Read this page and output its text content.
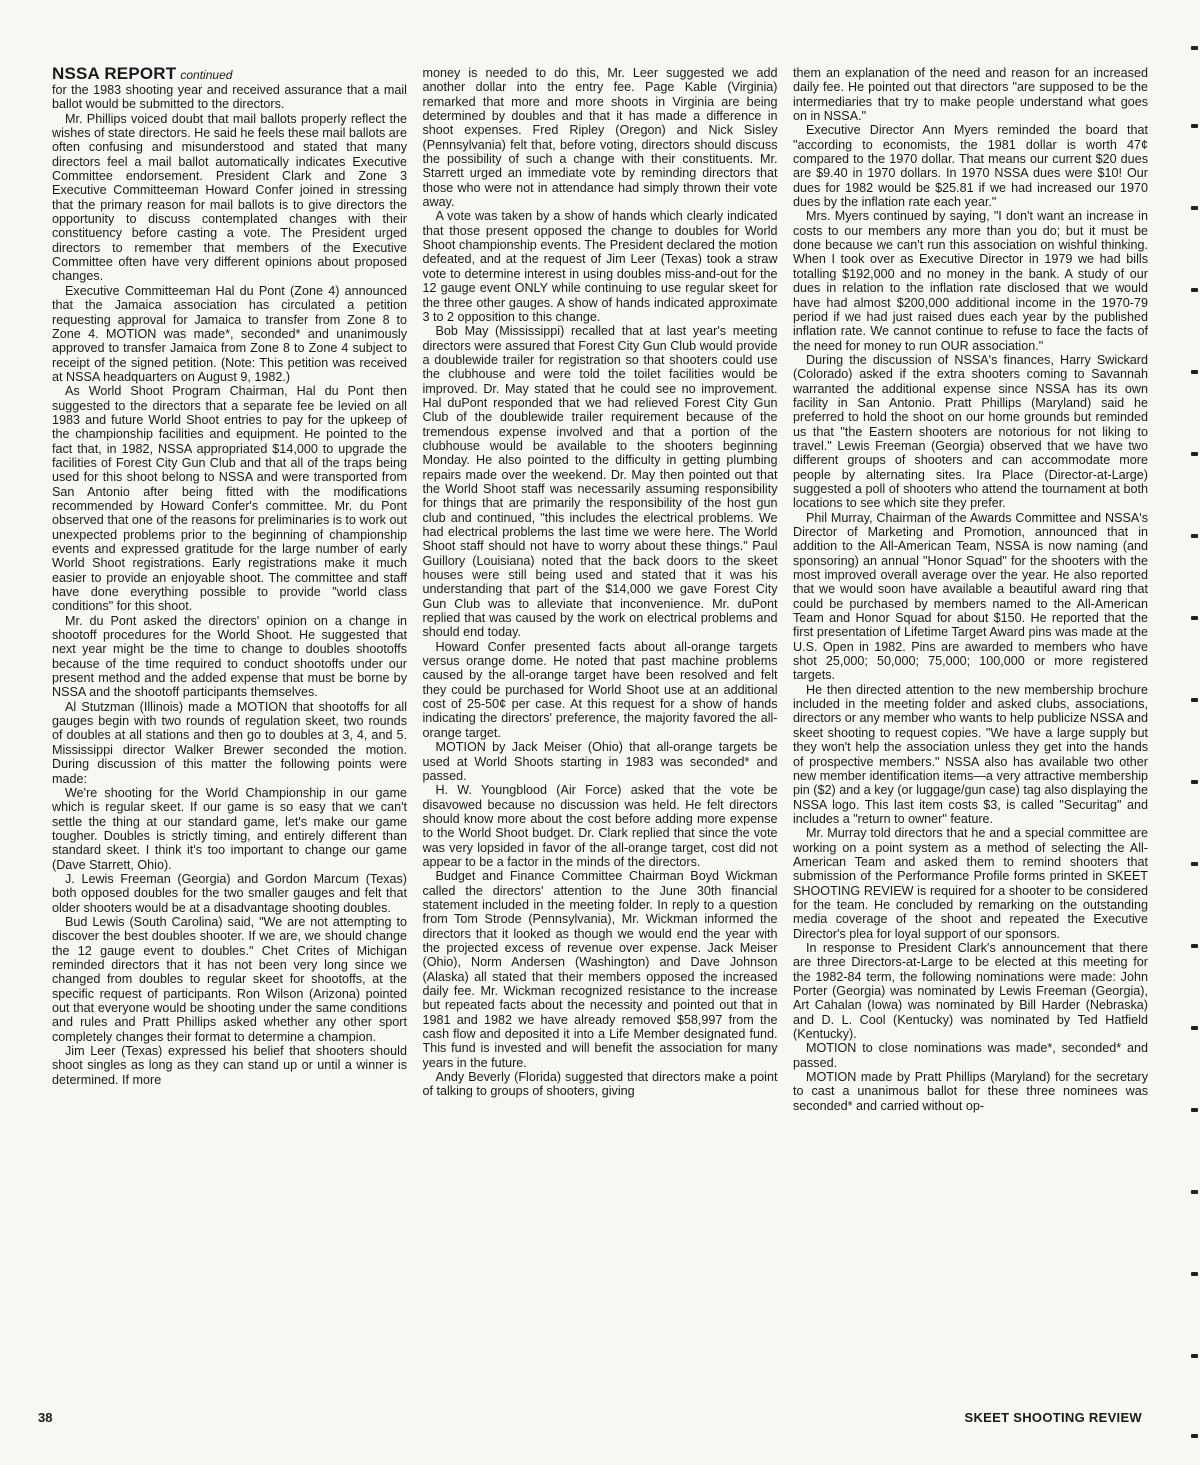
NSSA REPORT continued

for the 1983 shooting year and received assurance that a mail ballot would be submitted to the directors.

Mr. Phillips voiced doubt that mail ballots properly reflect the wishes of state directors. He said he feels these mail ballots are often confusing and misunderstood and stated that many directors feel a mail ballot automatically indicates Executive Committee endorsement. President Clark and Zone 3 Executive Committeeman Howard Confer joined in stressing that the primary reason for mail ballots is to give directors the opportunity to discuss contemplated changes with their constituency before casting a vote. The President urged directors to remember that members of the Executive Committee often have very different opinions about proposed changes.

Executive Committeeman Hal du Pont (Zone 4) announced that the Jamaica association has circulated a petition requesting approval for Jamaica to transfer from Zone 8 to Zone 4. MOTION was made*, seconded* and unanimously approved to transfer Jamaica from Zone 8 to Zone 4 subject to receipt of the signed petition. (Note: This petition was received at NSSA headquarters on August 9, 1982.)

As World Shoot Program Chairman, Hal du Pont then suggested to the directors that a separate fee be levied on all 1983 and future World Shoot entries to pay for the upkeep of the championship facilities and equipment. He pointed to the fact that, in 1982, NSSA appropriated $14,000 to upgrade the facilities of Forest City Gun Club and that all of the traps being used for this shoot belong to NSSA and were transported from San Antonio after being fitted with the modifications recommended by Howard Confer's committee. Mr. du Pont observed that one of the reasons for preliminaries is to work out unexpected problems prior to the beginning of championship events and expressed gratitude for the large number of early World Shoot registrations. Early registrations make it much easier to provide an enjoyable shoot. The committee and staff have done everything possible to provide "world class conditions" for this shoot.

Mr. du Pont asked the directors' opinion on a change in shootoff procedures for the World Shoot. He suggested that next year might be the time to change to doubles shootoffs because of the time required to conduct shootoffs under our present method and the added expense that must be borne by NSSA and the shootoff participants themselves.

Al Stutzman (Illinois) made a MOTION that shootoffs for all gauges begin with two rounds of regulation skeet, two rounds of doubles at all stations and then go to doubles at 3, 4, and 5. Mississippi director Walker Brewer seconded the motion. During discussion of this matter the following points were made:

We're shooting for the World Championship in our game which is regular skeet. If our game is so easy that we can't settle the thing at our standard game, let's make our game tougher. Doubles is strictly timing, and entirely different than standard skeet. I think it's too important to change our game (Dave Starrett, Ohio).

J. Lewis Freeman (Georgia) and Gordon Marcum (Texas) both opposed doubles for the two smaller gauges and felt that older shooters would be at a disadvantage shooting doubles.

Bud Lewis (South Carolina) said, "We are not attempting to discover the best doubles shooter. If we are, we should change the 12 gauge event to doubles." Chet Crites of Michigan reminded directors that it has not been very long since we changed from doubles to regular skeet for shootoffs, at the specific request of participants. Ron Wilson (Arizona) pointed out that everyone would be shooting under the same conditions and rules and Pratt Phillips asked whether any other sport completely changes their format to determine a champion.

Jim Leer (Texas) expressed his belief that shooters should shoot singles as long as they can stand up or until a winner is determined. If more

money is needed to do this, Mr. Leer suggested we add another dollar into the entry fee. Page Kable (Virginia) remarked that more and more shoots in Virginia are being determined by doubles and that it has made a difference in shoot expenses. Fred Ripley (Oregon) and Nick Sisley (Pennsylvania) felt that, before voting, directors should discuss the possibility of such a change with their constituents. Mr. Starrett urged an immediate vote by reminding directors that those who were not in attendance had simply thrown their vote away.

A vote was taken by a show of hands which clearly indicated that those present opposed the change to doubles for World Shoot championship events. The President declared the motion defeated, and at the request of Jim Leer (Texas) took a straw vote to determine interest in using doubles miss-and-out for the 12 gauge event ONLY while continuing to use regular skeet for the three other gauges. A show of hands indicated approximate 3 to 2 opposition to this change.

Bob May (Mississippi) recalled that at last year's meeting directors were assured that Forest City Gun Club would provide a doublewide trailer for registration so that shooters could use the clubhouse and were told the toilet facilities would be improved. Dr. May stated that he could see no improvement. Hal duPont responded that we had relieved Forest City Gun Club of the doublewide trailer requirement because of the tremendous expense involved and that a portion of the clubhouse would be available to the shooters beginning Monday. He also pointed to the difficulty in getting plumbing repairs made over the weekend. Dr. May then pointed out that the World Shoot staff was necessarily assuming responsibility for things that are primarily the responsibility of the host gun club and continued, "this includes the electrical problems. We had electrical problems the last time we were here. The World Shoot staff should not have to worry about these things." Paul Guillory (Louisiana) noted that the back doors to the skeet houses were still being used and stated that it was his understanding that part of the $14,000 we gave Forest City Gun Club was to alleviate that inconvenience. Mr. duPont replied that was caused by the work on electrical problems and should end today.

Howard Confer presented facts about all-orange targets versus orange dome. He noted that past machine problems caused by the all-orange target have been resolved and felt they could be purchased for World Shoot use at an additional cost of 25-50¢ per case. At this request for a show of hands indicating the directors' preference, the majority favored the all-orange target.

MOTION by Jack Meiser (Ohio) that all-orange targets be used at World Shoots starting in 1983 was seconded* and passed.

H. W. Youngblood (Air Force) asked that the vote be disavowed because no discussion was held. He felt directors should know more about the cost before adding more expense to the World Shoot budget. Dr. Clark replied that since the vote was very lopsided in favor of the all-orange target, cost did not appear to be a factor in the minds of the directors.

Budget and Finance Committee Chairman Boyd Wickman called the directors' attention to the June 30th financial statement included in the meeting folder. In reply to a question from Tom Strode (Pennsylvania), Mr. Wickman informed the directors that it looked as though we would end the year with the projected excess of revenue over expense. Jack Meiser (Ohio), Norm Andersen (Washington) and Dave Johnson (Alaska) all stated that their members opposed the increased daily fee. Mr. Wickman recognized resistance to the increase but repeated facts about the necessity and pointed out that in 1981 and 1982 we have already removed $58,997 from the cash flow and deposited it into a Life Member designated fund. This fund is invested and will benefit the association for many years in the future.

Andy Beverly (Florida) suggested that directors make a point of talking to groups of shooters, giving

them an explanation of the need and reason for an increased daily fee. He pointed out that directors "are supposed to be the intermediaries that try to make people understand what goes on in NSSA."

Executive Director Ann Myers reminded the board that "according to economists, the 1981 dollar is worth 47¢ compared to the 1970 dollar. That means our current $20 dues are $9.40 in 1970 dollars. In 1970 NSSA dues were $10! Our dues for 1982 would be $25.81 if we had increased our 1970 dues by the inflation rate each year."

Mrs. Myers continued by saying, "I don't want an increase in costs to our members any more than you do; but it must be done because we can't run this association on wishful thinking. When I took over as Executive Director in 1979 we had bills totalling $192,000 and no money in the bank. A study of our dues in relation to the inflation rate disclosed that we would have had almost $200,000 additional income in the 1970-79 period if we had just raised dues each year by the published inflation rate. We cannot continue to refuse to face the facts of the need for money to run OUR association."

During the discussion of NSSA's finances, Harry Swickard (Colorado) asked if the extra shooters coming to Savannah warranted the additional expense since NSSA has its own facility in San Antonio. Pratt Phillips (Maryland) said he preferred to hold the shoot on our home grounds but reminded us that "the Eastern shooters are notorious for not liking to travel." Lewis Freeman (Georgia) observed that we have two different groups of shooters and can accommodate more people by alternating sites. Ira Place (Director-at-Large) suggested a poll of shooters who attend the tournament at both locations to see which site they prefer.

Phil Murray, Chairman of the Awards Committee and NSSA's Director of Marketing and Promotion, announced that in addition to the All-American Team, NSSA is now naming (and sponsoring) an annual "Honor Squad" for the shooters with the most improved overall average over the year. He also reported that we would soon have available a beautiful award ring that could be purchased by members named to the All-American Team and Honor Squad for about $150. He reported that the first presentation of Lifetime Target Award pins was made at the U.S. Open in 1982. Pins are awarded to members who have shot 25,000; 50,000; 75,000; 100,000 or more registered targets.

He then directed attention to the new membership brochure included in the meeting folder and asked clubs, associations, directors or any member who wants to help publicize NSSA and skeet shooting to request copies. "We have a large supply but they won't help the association unless they get into the hands of prospective members." NSSA also has available two other new member identification items—a very attractive membership pin ($2) and a key (or luggage/gun case) tag also displaying the NSSA logo. This last item costs $3, is called "Securitag" and includes a "return to owner" feature.

Mr. Murray told directors that he and a special committee are working on a point system as a method of selecting the All-American Team and asked them to remind shooters that submission of the Performance Profile forms printed in SKEET SHOOTING REVIEW is required for a shooter to be considered for the team. He concluded by remarking on the outstanding media coverage of the shoot and repeated the Executive Director's plea for loyal support of our sponsors.

In response to President Clark's announcement that there are three Directors-at-Large to be elected at this meeting for the 1982-84 term, the following nominations were made: John Porter (Georgia) was nominated by Lewis Freeman (Georgia), Art Cahalan (Iowa) was nominated by Bill Harder (Nebraska) and D. L. Cool (Kentucky) was nominated by Ted Hatfield (Kentucky).

MOTION to close nominations was made*, seconded* and passed.

MOTION made by Pratt Phillips (Maryland) for the secretary to cast a unanimous ballot for these three nominees was seconded* and carried without op-

38	SKEET SHOOTING REVIEW
